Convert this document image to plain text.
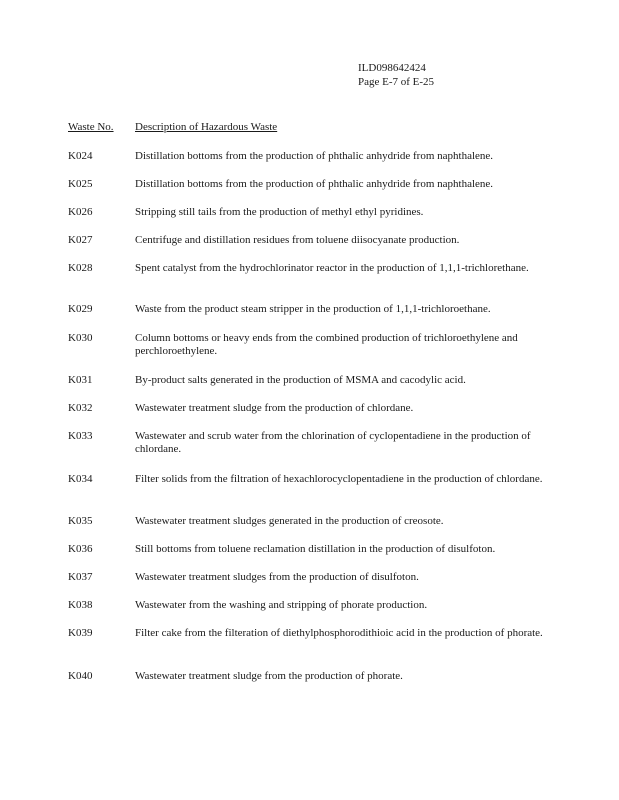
ILD098642424
Page E-7 of E-25
Waste No. Description of Hazardous Waste
K024	Distillation bottoms from the production of phthalic anhydride from naphthalene.
K025	Distillation bottoms from the production of phthalic anhydride from naphthalene.
K026	Stripping still tails from the production of methyl ethyl pyridines.
K027	Centrifuge and distillation residues from toluene diisocyanate production.
K028	Spent catalyst from the hydrochlorinator reactor in the production of 1,1,1-trichlorethane.
K029	Waste from the product steam stripper in the production of 1,1,1-trichloroethane.
K030	Column bottoms or heavy ends from the combined production of trichloroethylene and perchloroethylene.
K031	By-product salts generated in the production of MSMA and cacodylic acid.
K032	Wastewater treatment sludge from the production of chlordane.
K033	Wastewater and scrub water from the chlorination of cyclopentadiene in the production of chlordane.
K034	Filter solids from the filtration of hexachlorocyclopentadiene in the production of chlordane.
K035	Wastewater treatment sludges generated in the production of creosote.
K036	Still bottoms from toluene reclamation distillation in the production of disulfoton.
K037	Wastewater treatment sludges from the production of disulfoton.
K038	Wastewater from the washing and stripping of phorate production.
K039	Filter cake from the filteration of diethylphosphorodithioic acid in the production of phorate.
K040	Wastewater treatment sludge from the production of phorate.
